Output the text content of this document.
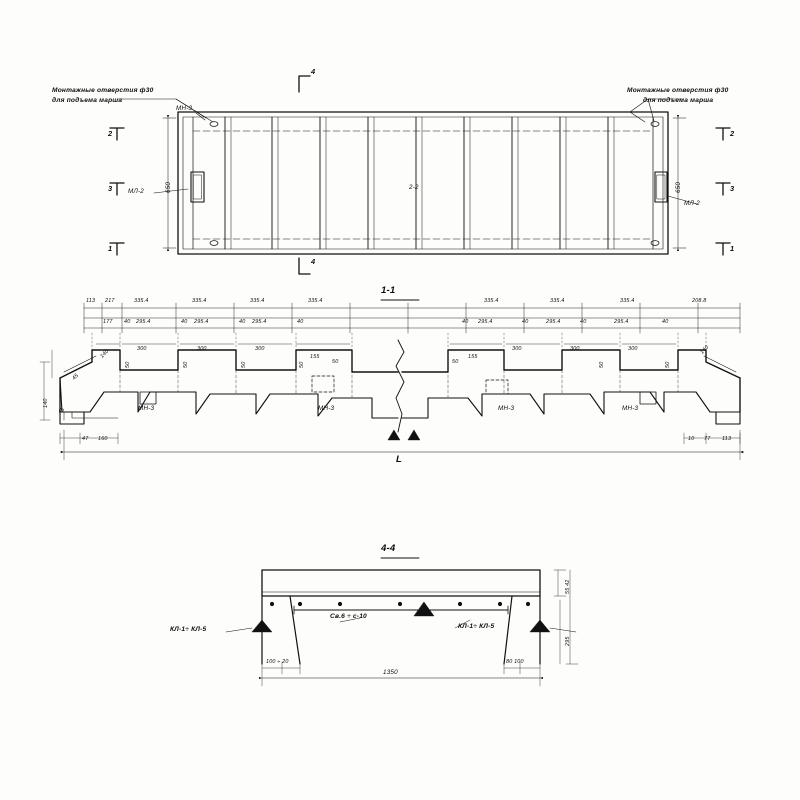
Монтажные отверстия ф30
для подъема марша
Монтажные отверстия ф30
для подъема марша
2
3
1
2
3
1
4
4
МН-3
МЛ-2
МЛ-2
2-2
650	650
1-1
113 217	335.4	335.4	335.4	335.4	335.4	335.4	335.4	208.8
177 40 295.4	40 295.4	40 295.4	40	40 295.4	40	295.4	40	295.4	40
140	300	300	300
155
50	50
155
300	300	300	140
50	50	50	50	50	50
140
45
45
47 160	10 77 113
МН-3	МН-3	МН-3	МН-3
L
4-4
Св.6 ÷ с-10
КЛ-1÷ КЛ-5	КЛ-1÷ КЛ-5
1350
100 ÷ 20	80 100
55 42
295
